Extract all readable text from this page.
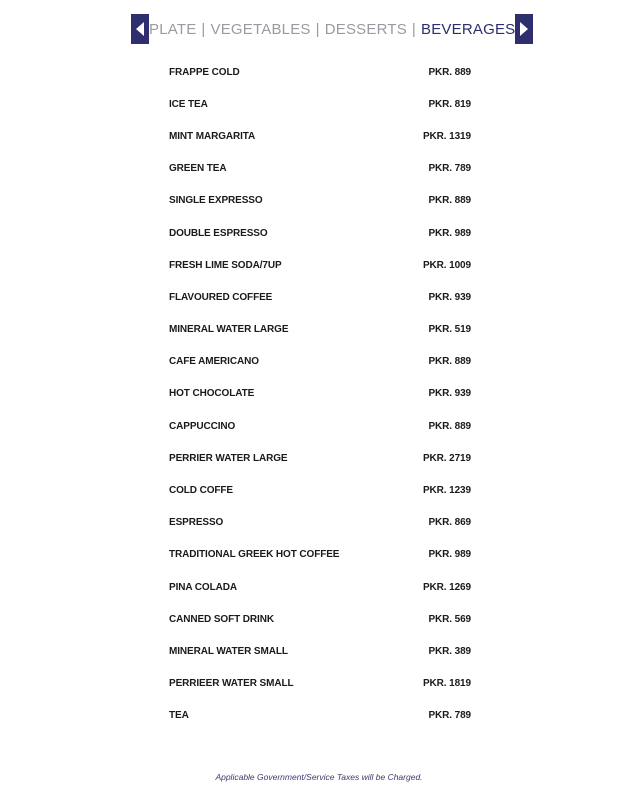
PLATE | VEGETABLES | DESSERTS | BEVERAGES
FRAPPE COLD	PKR. 889
ICE TEA	PKR. 819
MINT MARGARITA	PKR. 1319
GREEN TEA	PKR. 789
SINGLE EXPRESSO	PKR. 889
DOUBLE ESPRESSO	PKR. 989
FRESH LIME SODA/7UP	PKR. 1009
FLAVOURED COFFEE	PKR. 939
MINERAL WATER LARGE	PKR. 519
CAFE AMERICANO	PKR. 889
HOT CHOCOLATE	PKR. 939
CAPPUCCINO	PKR. 889
PERRIER WATER LARGE	PKR. 2719
COLD COFFE	PKR. 1239
ESPRESSO	PKR. 869
TRADITIONAL GREEK HOT COFFEE	PKR. 989
PINA COLADA	PKR. 1269
CANNED SOFT DRINK	PKR. 569
MINERAL WATER SMALL	PKR. 389
PERRIEER WATER SMALL	PKR. 1819
TEA	PKR. 789
Applicable Government/Service Taxes will be Charged.
